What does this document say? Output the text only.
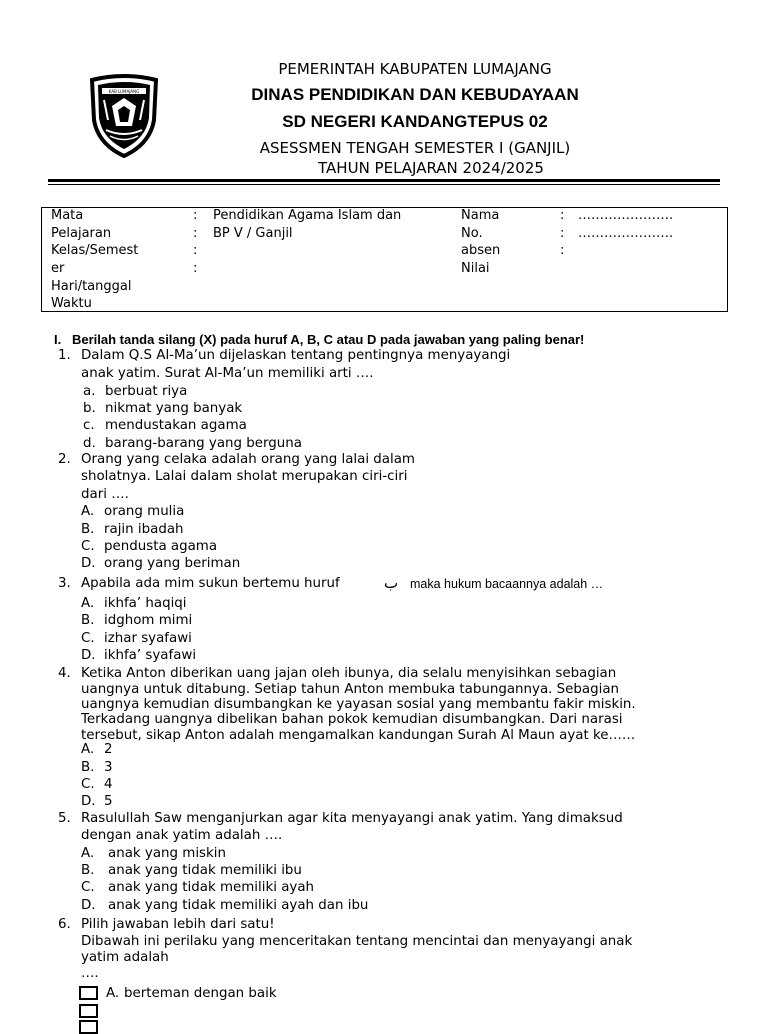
KAB LUMAJANG
PEMERINTAH KABUPATEN LUMAJANG
DINAS PENDIDIKAN DAN KEBUDAYAAN
SD NEGERI KANDANGTEPUS 02
ASESSMEN TENGAH SEMESTER I (GANJIL)
TAHUN PELAJARAN 2024/2025
Mata
Pelajaran
Kelas/Semest
er
Hari/tanggal
Waktu
:
:
:
:
Pendidikan Agama Islam dan
BP V / Ganjil
Nama
No.
absen
Nilai
:
:
:
………………….
………………….
I. Berilah tanda silang (X) pada huruf A, B, C atau D pada jawaban yang paling benar!
1. Dalam Q.S Al-Ma’un dijelaskan tentang pentingnya menyayangi
anak yatim. Surat Al-Ma’un memiliki arti ….
a. berbuat riya
b. nikmat yang banyak
c. mendustakan agama
d. barang-barang yang berguna
2. Orang yang celaka adalah orang yang lalai dalam
sholatnya. Lalai dalam sholat merupakan ciri-ciri
dari ….
A. orang mulia
B. rajin ibadah
C. pendusta agama
D. orang yang beriman
3. Apabila ada mim sukun bertemu huruf	ب maka hukum bacaannya adalah …
A. ikhfa’ haqiqi
B. idghom mimi
C. izhar syafawi
D. ikhfa’ syafawi
4. Ketika Anton diberikan uang jajan oleh ibunya, dia selalu menyisihkan sebagian
uangnya untuk ditabung. Setiap tahun Anton membuka tabungannya. Sebagian
uangnya kemudian disumbangkan ke yayasan sosial yang membantu fakir miskin.
Terkadang uangnya dibelikan bahan pokok kemudian disumbangkan. Dari narasi
tersebut, sikap Anton adalah mengamalkan kandungan Surah Al Maun ayat ke……
A. 2
B. 3
C. 4
D. 5
5. Rasulullah Saw menganjurkan agar kita menyayangi anak yatim. Yang dimaksud
dengan anak yatim adalah ….
A. anak yang miskin
B. anak yang tidak memiliki ibu
C. anak yang tidak memiliki ayah
D. anak yang tidak memiliki ayah dan ibu
6. Pilih jawaban lebih dari satu!
Dibawah ini perilaku yang menceritakan tentang mencintai dan menyayangi anak
yatim adalah
….
A. berteman dengan baik
